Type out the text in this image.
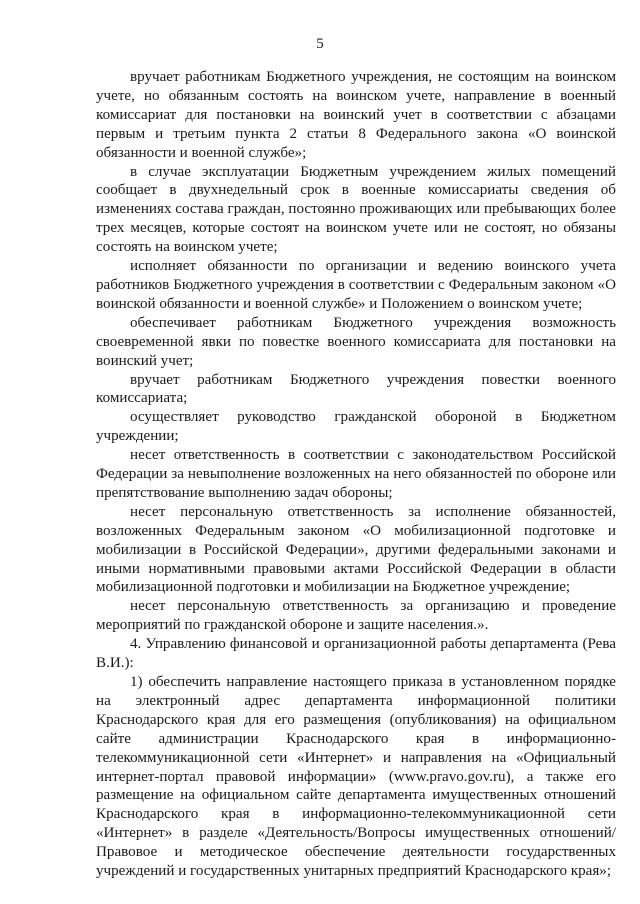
5

вручает работникам Бюджетного учреждения, не состоящим на воинском учете, но обязанным состоять на воинском учете, направление в военный комиссариат для постановки на воинский учет в соответствии с абзацами первым и третьим пункта 2 статьи 8 Федерального закона «О воинской обязанности и военной службе»;

в случае эксплуатации Бюджетным учреждением жилых помещений сообщает в двухнедельный срок в военные комиссариаты сведения об изменениях состава граждан, постоянно проживающих или пребывающих более трех месяцев, которые состоят на воинском учете или не состоят, но обязаны состоять на воинском учете;

исполняет обязанности по организации и ведению воинского учета работников Бюджетного учреждения в соответствии с Федеральным законом «О воинской обязанности и военной службе» и Положением о воинском учете;

обеспечивает работникам Бюджетного учреждения возможность своевременной явки по повестке военного комиссариата для постановки на воинский учет;

вручает работникам Бюджетного учреждения повестки военного комиссариата;

осуществляет руководство гражданской обороной в Бюджетном учреждении;

несет ответственность в соответствии с законодательством Российской Федерации за невыполнение возложенных на него обязанностей по обороне или препятствование выполнению задач обороны;

несет персональную ответственность за исполнение обязанностей, возложенных Федеральным законом «О мобилизационной подготовке и мобилизации в Российской Федерации», другими федеральными законами и иными нормативными правовыми актами Российской Федерации в области мобилизационной подготовки и мобилизации на Бюджетное учреждение;

несет персональную ответственность за организацию и проведение мероприятий по гражданской обороне и защите населения.».

4. Управлению финансовой и организационной работы департамента (Рева В.И.):

1) обеспечить направление настоящего приказа в установленном порядке на электронный адрес департамента информационной политики Краснодарского края для его размещения (опубликования) на официальном сайте администрации Краснодарского края в информационно-телекоммуникационной сети «Интернет» и направления на «Официальный интернет-портал правовой информации» (www.pravo.gov.ru), а также его размещение на официальном сайте департамента имущественных отношений Краснодарского края в информационно-телекоммуникационной сети «Интернет» в разделе «Деятельность/Вопросы имущественных отношений/Правовое и методическое обеспечение деятельности государственных учреждений и государственных унитарных предприятий Краснодарского края»;
